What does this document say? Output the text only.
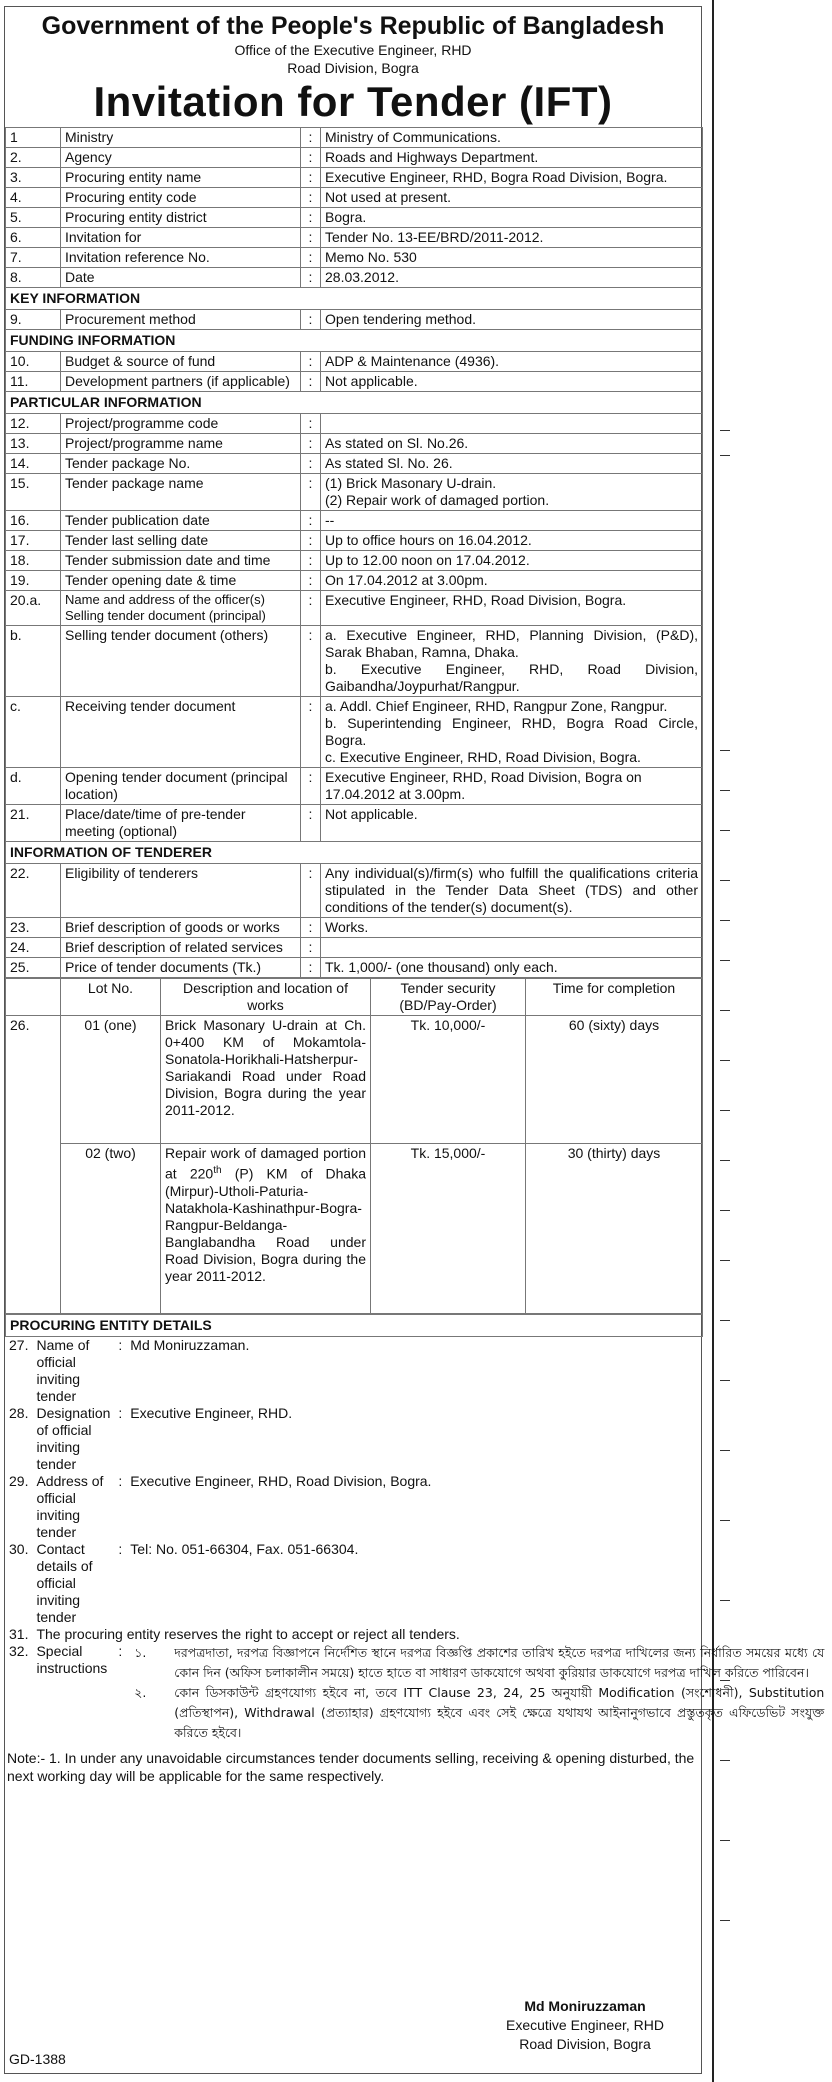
Government of the People's Republic of Bangladesh
Office of the Executive Engineer, RHD
Road Division, Bogra
Invitation for Tender (IFT)
1	Ministry	:	Ministry of Communications.
2.	Agency	:	Roads and Highways Department.
3.	Procuring entity name	:	Executive Engineer, RHD, Bogra Road Division, Bogra.
4.	Procuring entity code	:	Not used at present.
5.	Procuring entity district	:	Bogra.
6.	Invitation for	:	Tender No. 13-EE/BRD/2011-2012.
7.	Invitation reference No.	:	Memo No. 530
8.	Date	:	28.03.2012.
KEY INFORMATION			
9.	Procurement method	:	Open tendering method.
FUNDING INFORMATION			
10.	Budget & source of fund	:	ADP & Maintenance (4936).
11.	Development partners (if applicable)	:	Not applicable.
PARTICULAR INFORMATION			
12.	Project/programme code	:	
13.	Project/programme name	:	As stated on Sl. No.26.
14.	Tender package No.	:	As stated Sl. No. 26.
15.	Tender package name	:	(1) Brick Masonary U-drain.
(2) Repair work of damaged portion.

16.	Tender publication date	:	--
17.	Tender last selling date	:	Up to office hours on 16.04.2012.
18.	Tender submission date and time	:	Up to 12.00 noon on 17.04.2012.
19.	Tender opening date & time	:	On 17.04.2012 at 3.00pm.
20.a.	Name and address of the officer(s) Selling tender document (principal)	:	Executive Engineer, RHD, Road Division, Bogra.
b.	Selling tender document (others)	:	a. Executive Engineer, RHD, Planning Division, (P&D), Sarak Bhaban, Ramna, Dhaka.
b. Executive Engineer, RHD, Road Division, Gaibandha/Joypurhat/Rangpur.

c.	Receiving tender document	:	a. Addl. Chief Engineer, RHD, Rangpur Zone, Rangpur.
b. Superintending Engineer, RHD, Bogra Road Circle, Bogra.
c. Executive Engineer, RHD, Road Division, Bogra.

d.	Opening tender document (principal location)	:	Executive Engineer, RHD, Road Division, Bogra on 17.04.2012 at 3.00pm.
21.	Place/date/time of pre-tender meeting (optional)	:	Not applicable.
INFORMATION OF TENDERER			
22.	Eligibility of tenderers	:	Any individual(s)/firm(s) who fulfill the qualifications criteria stipulated in the Tender Data Sheet (TDS) and other conditions of the tender(s) document(s).
23.	Brief description of goods or works	:	Works.
24.	Brief description of related services	:	
25.	Price of tender documents (Tk.)	:	Tk. 1,000/- (one thousand) only each.
	Lot No.	Description and location of works	Tender security (BD/Pay-Order)	Time for completion
26.	01 (one)	Brick Masonary U-drain at Ch. 0+400 KM of Mokamtola-Sonatola-Horikhali-Hatsherpur-Sariakandi Road under Road Division, Bogra during the year 2011-2012.	Tk. 10,000/-	60 (sixty) days
	02 (two)	Repair work of damaged portion at 220th (P) KM of Dhaka (Mirpur)-Utholi-Paturia-Natakhola-Kashinathpur-Bogra-Rangpur-Beldanga-Banglabandha Road under Road Division, Bogra during the year 2011-2012.	Tk. 15,000/-	30 (thirty) days
PROCURING ENTITY DETAILS
27.	Name of official inviting tender	:	Md Moniruzzaman.
28.	Designation of official inviting tender	:	Executive Engineer, RHD.
29.	Address of official inviting tender	:	Executive Engineer, RHD, Road Division, Bogra.
30.	Contact details of official inviting tender	:	Tel: No. 051-66304, Fax. 051-66304.
31.	The procuring entity reserves the right to accept or reject all tenders.
32.	Special instructions	:	১.	দরপত্রদাতা, দরপত্র বিজ্ঞাপনে নির্দেশিত স্থানে দরপত্র বিজ্ঞপ্তি প্রকাশের তারিখ হইতে দরপত্র দাখিলের জন্য নির্ধারিত সময়ের মধ্যে যে কোন দিন (অফিস চলাকালীন সময়ে) হাতে হাতে বা সাধারণ ডাকযোগে অথবা কুরিয়ার ডাকযোগে দরপত্র দাখিল করিতে পারিবেন।
২.	কোন ডিসকাউন্ট গ্রহণযোগ্য হইবে না, তবে ITT Clause 23, 24, 25 অনুযায়ী Modification (সংশোধনী), Substitution (প্রতিস্থাপন), Withdrawal (প্রত্যাহার) গ্রহণযোগ্য হইবে এবং সেই ক্ষেত্রে যথাযথ আইনানুগভাবে প্রস্তুতকৃত এফিডেভিট সংযুক্ত করিতে হইবে।
Note:- 1. In under any unavoidable circumstances tender documents selling, receiving & opening disturbed, the next working day will be applicable for the same respectively.
Md Moniruzzaman
Executive Engineer, RHD
Road Division, Bogra
GD-1388
